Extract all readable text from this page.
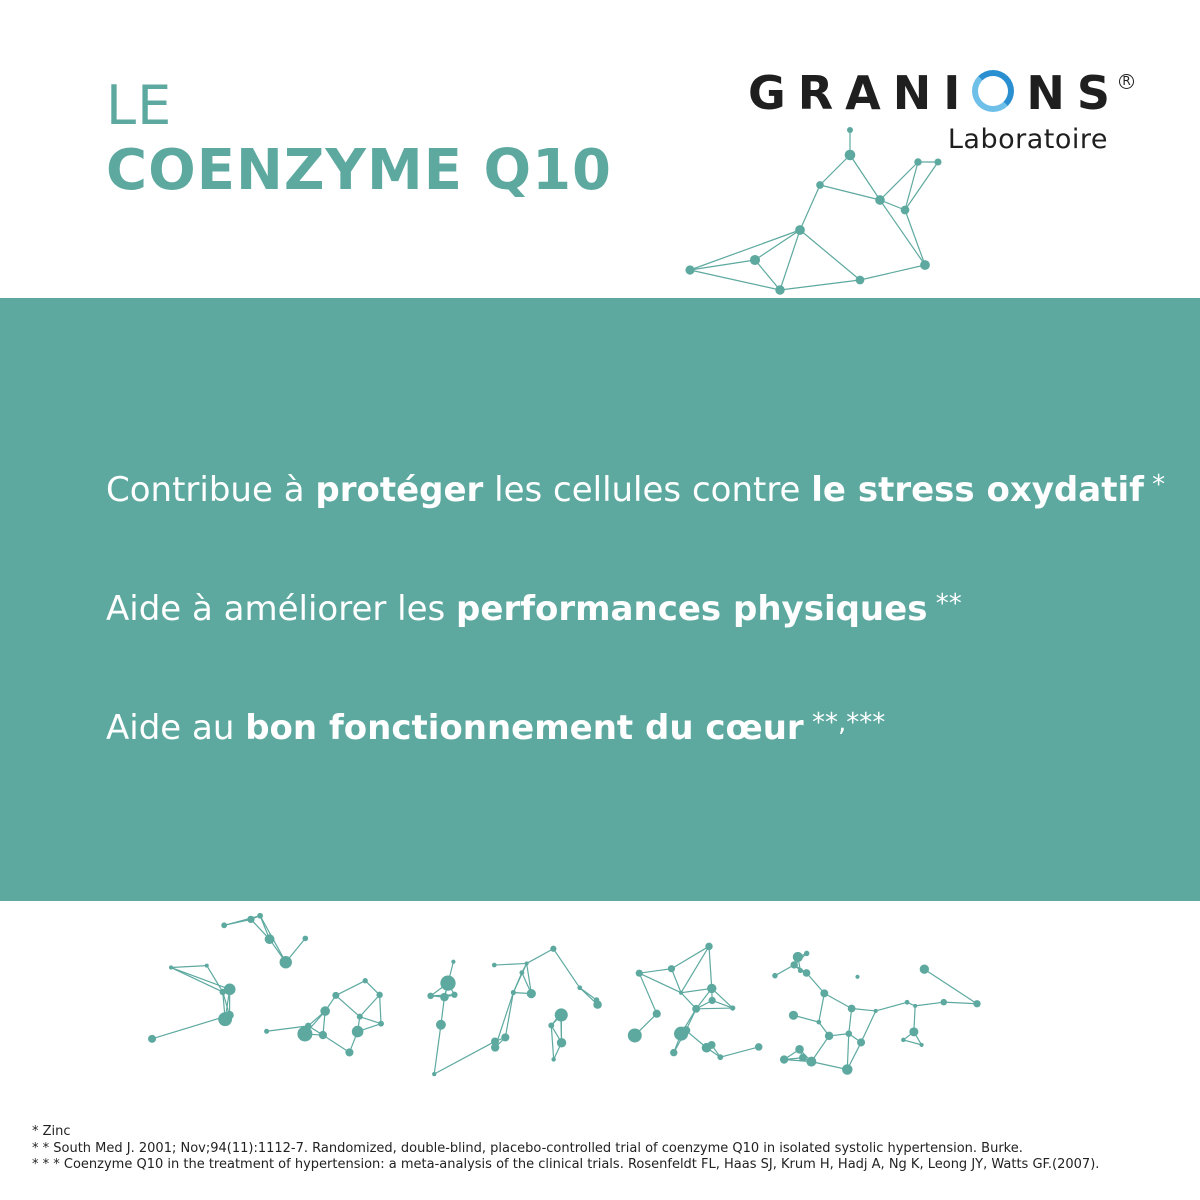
LE
COENZYME Q10
GRANI NS R
Laboratoire

Contribue à protéger les cellules contre le stress oxydatif *

Aide à améliorer les performances physiques **

Aide au bon fonctionnement du cœur **,***

* Zinc
* * South Med J. 2001; Nov;94(11):1112-7. Randomized, double-blind, placebo-controlled trial of coenzyme Q10 in isolated systolic hypertension. Burke.
* * * Coenzyme Q10 in the treatment of hypertension: a meta-analysis of the clinical trials. Rosenfeldt FL, Haas SJ, Krum H, Hadj A, Ng K, Leong JY, Watts GF.(2007).
